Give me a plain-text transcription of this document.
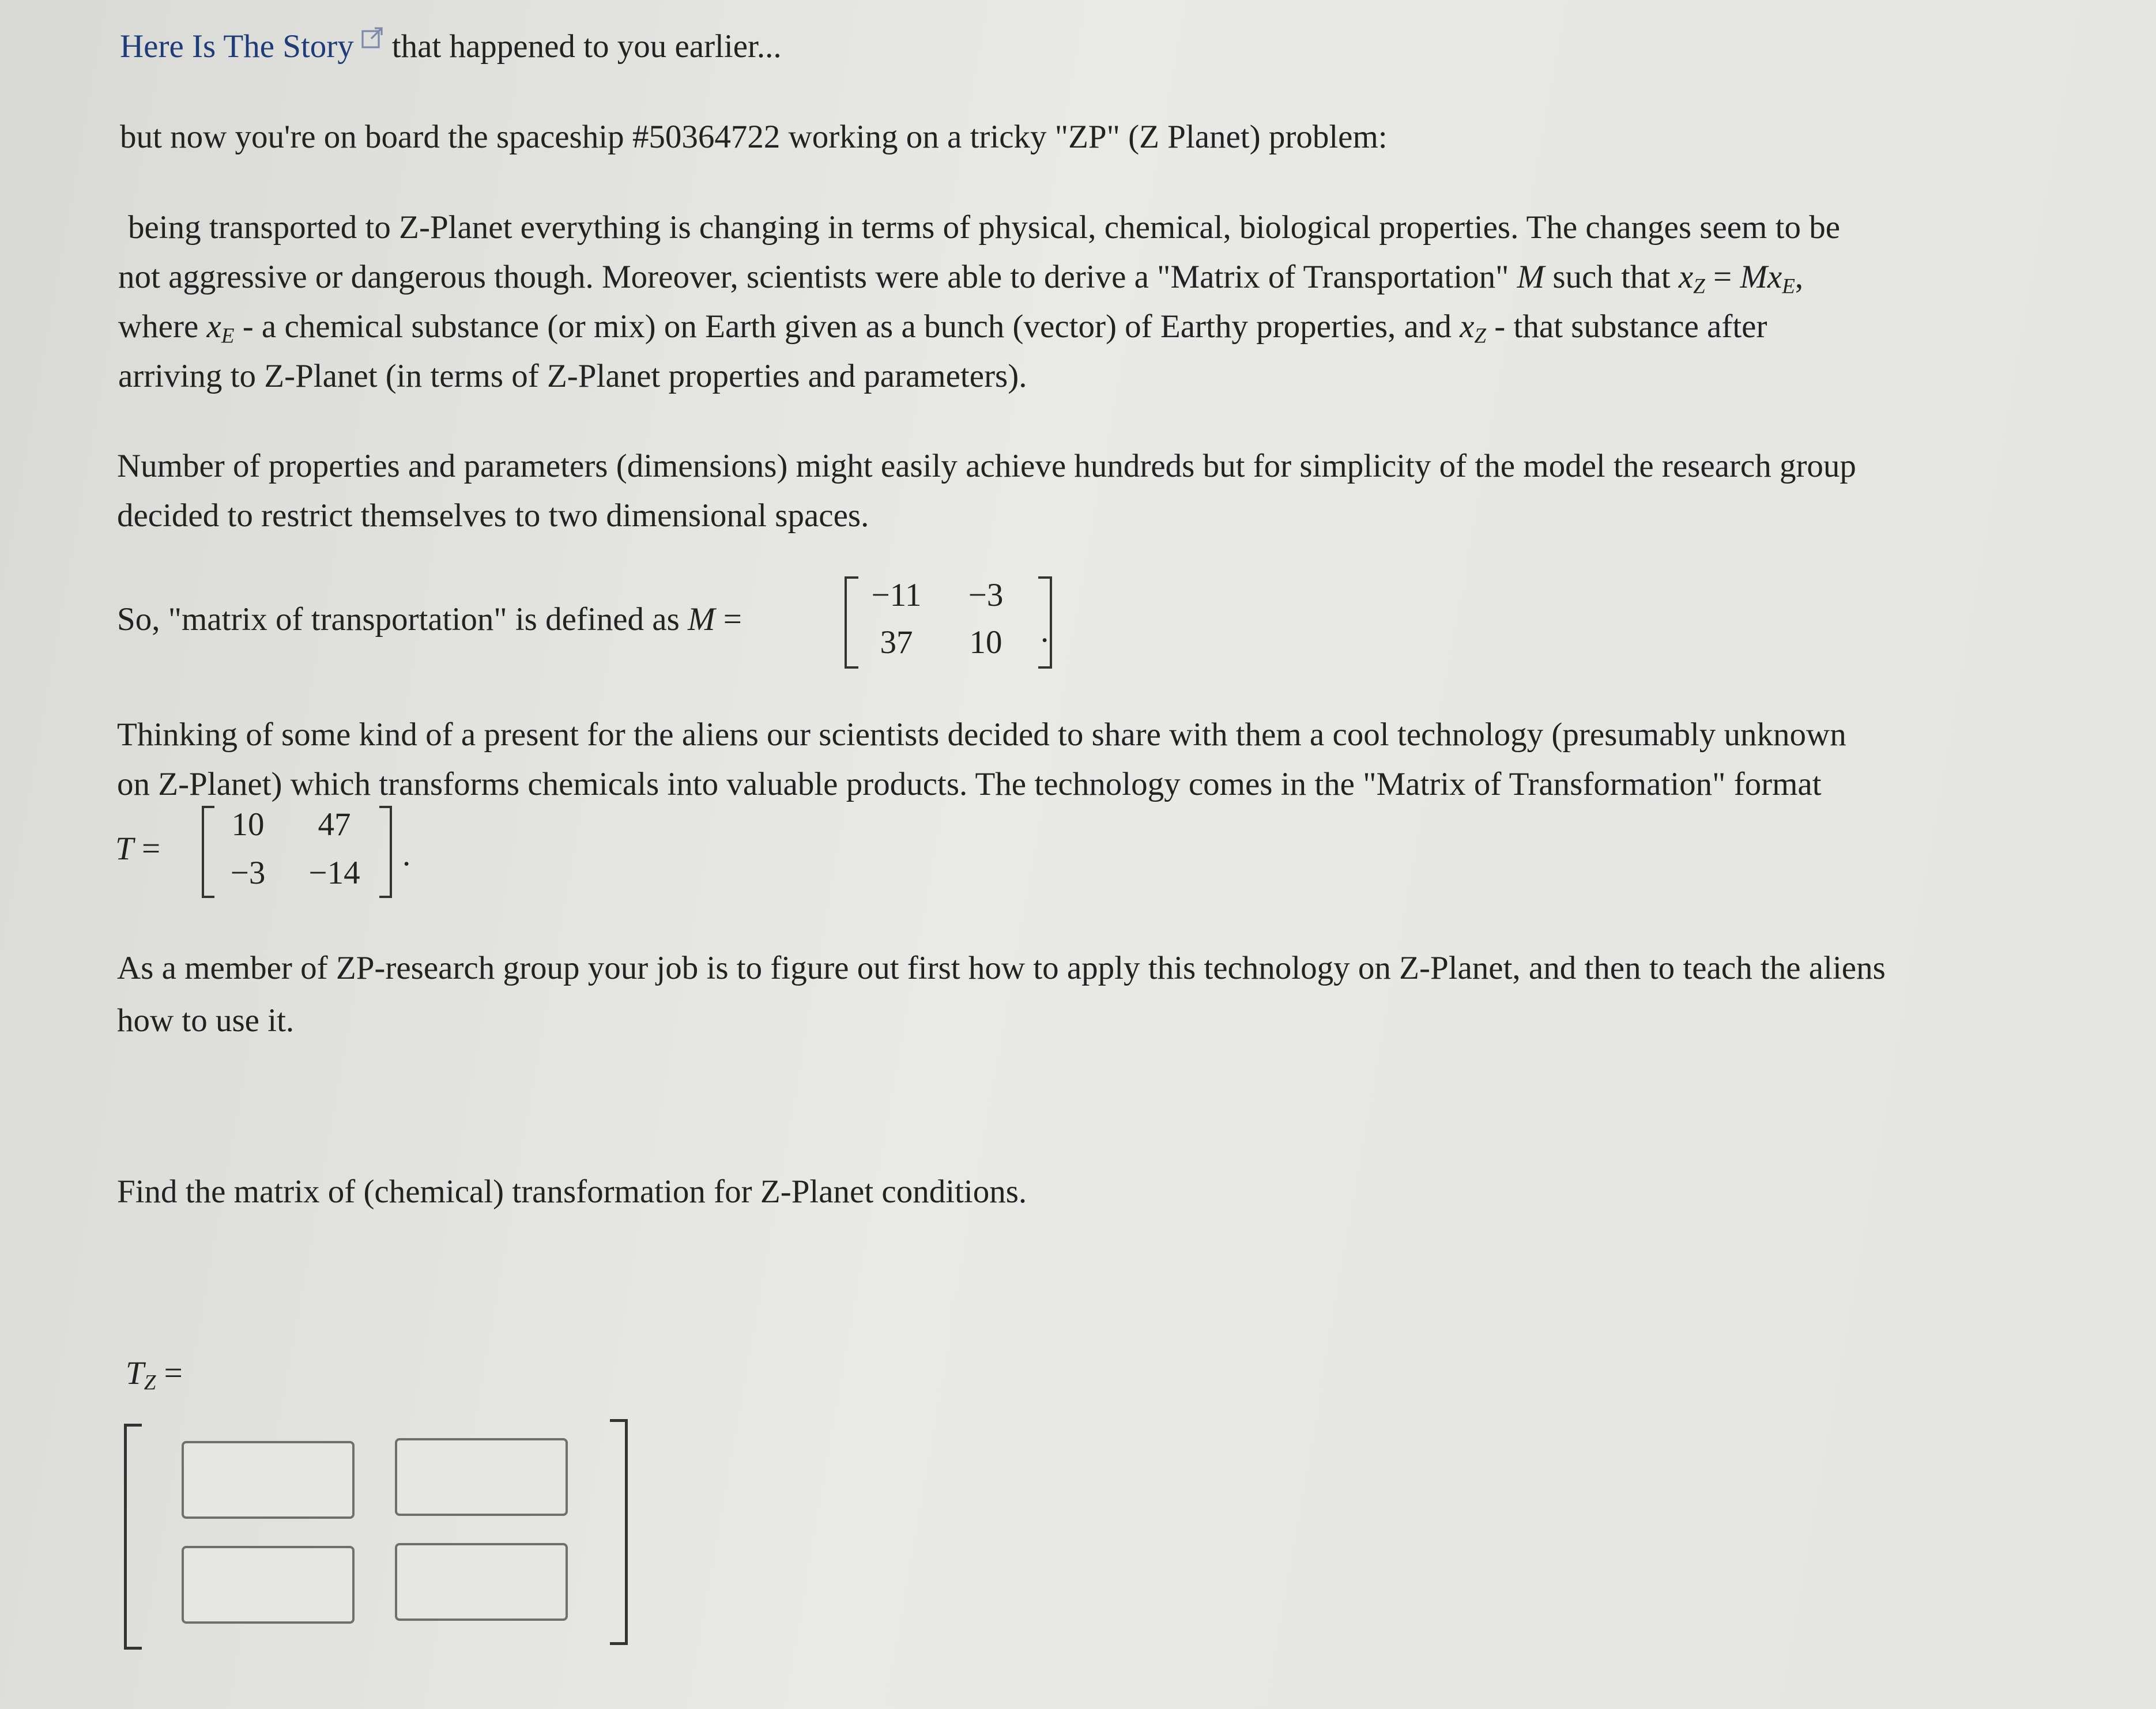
Here Is The Story that happened to you earlier...
but now you're on board the spaceship #50364722 working on a tricky "ZP" (Z Planet) problem:
being transported to Z-Planet everything is changing in terms of physical, chemical, biological properties. The changes seem to be
not aggressive or dangerous though. Moreover, scientists were able to derive a "Matrix of Transportation" M such that $x_Z = Mx_E$,
where $x_E$ - a chemical substance (or mix) on Earth given as a bunch (vector) of Earthy properties, and $x_Z$ - that substance after
arriving to Z-Planet (in terms of Z-Planet properties and parameters).
Number of properties and parameters (dimensions) might easily achieve hundreds but for simplicity of the model the research group
decided to restrict themselves to two dimensional spaces.
So, "matrix of transportation" is defined as M =
−11	−3
37	10	.
Thinking of some kind of a present for the aliens our scientists decided to share with them a cool technology (presumably unknown
on Z-Planet) which transforms chemicals into valuable products. The technology comes in the "Matrix of Transformation" format
T =
10	47
−3	−14
.
As a member of ZP-research group your job is to figure out first how to apply this technology on Z-Planet, and then to teach the aliens
how to use it.
Find the matrix of (chemical) transformation for Z-Planet conditions.
$T_Z$ =
